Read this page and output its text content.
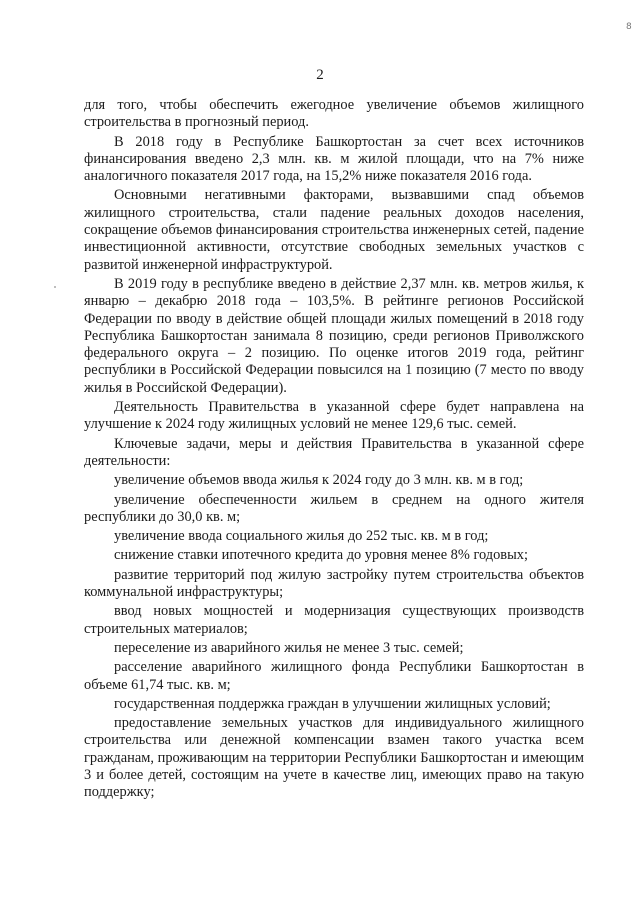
8
2

для того, чтобы обеспечить ежегодное увеличение объемов жилищного строительства в прогнозный период.

В 2018 году в Республике Башкортостан за счет всех источников финансирования введено 2,3 млн. кв. м жилой площади, что на 7% ниже аналогичного показателя 2017 года, на 15,2% ниже показателя 2016 года.

Основными негативными факторами, вызвавшими спад объемов жилищного строительства, стали падение реальных доходов населения, сокращение объемов финансирования строительства инженерных сетей, падение инвестиционной активности, отсутствие свободных земельных участков с развитой инженерной инфраструктурой.

В 2019 году в республике введено в действие 2,37 млн. кв. метров жилья, к январю – декабрю 2018 года – 103,5%. В рейтинге регионов Российской Федерации по вводу в действие общей площади жилых помещений в 2018 году Республика Башкортостан занимала 8 позицию, среди регионов Приволжского федерального округа – 2 позицию. По оценке итогов 2019 года, рейтинг республики в Российской Федерации повысился на 1 позицию (7 место по вводу жилья в Российской Федерации).

Деятельность Правительства в указанной сфере будет направлена на улучшение к 2024 году жилищных условий не менее 129,6 тыс. семей.

Ключевые задачи, меры и действия Правительства в указанной сфере деятельности:

увеличение объемов ввода жилья к 2024 году до 3 млн. кв. м в год;

увеличение обеспеченности жильем в среднем на одного жителя республики до 30,0 кв. м;

увеличение ввода социального жилья до 252 тыс. кв. м в год;

снижение ставки ипотечного кредита до уровня менее 8% годовых;

развитие территорий под жилую застройку путем строительства объектов коммунальной инфраструктуры;

ввод новых мощностей и модернизация существующих производств строительных материалов;

переселение из аварийного жилья не менее 3 тыс. семей;

расселение аварийного жилищного фонда Республики Башкортостан в объеме 61,74 тыс. кв. м;

государственная поддержка граждан в улучшении жилищных условий;

предоставление земельных участков для индивидуального жилищного строительства или денежной компенсации взамен такого участка всем гражданам, проживающим на территории Республики Башкортостан и имеющим 3 и более детей, состоящим на учете в качестве лиц, имеющих право на такую поддержку;
